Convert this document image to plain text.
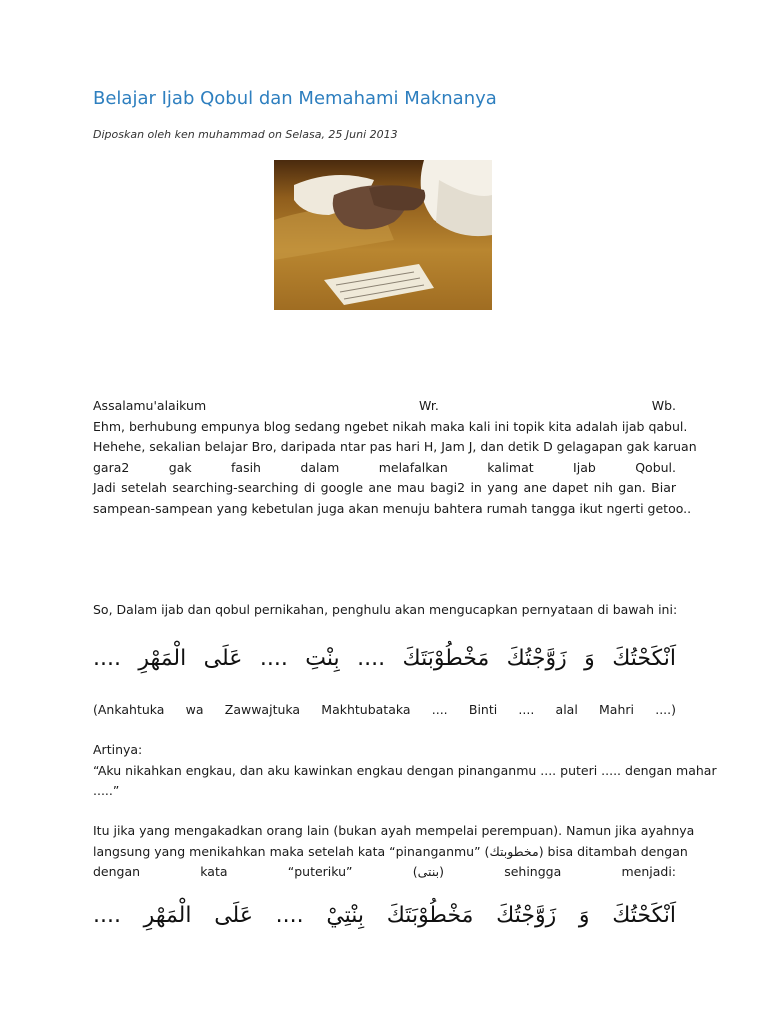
Belajar Ijab Qobul dan Memahami Maknanya
Diposkan oleh ken muhammad on Selasa, 25 Juni 2013
Assalamu'alaikum Wr. Wb.
Ehm, berhubung empunya blog sedang ngebet nikah maka kali ini topik kita adalah ijab qabul.
Hehehe, sekalian belajar Bro, daripada ntar pas hari H, Jam J, dan detik D gelagapan gak karuan
gara2 gak fasih dalam melafalkan kalimat Ijab Qobul.
Jadi setelah searching-searching di google ane mau bagi2 in yang ane dapet nih gan. Biar
sampean-sampean yang kebetulan juga akan menuju bahtera rumah tangga ikut ngerti getoo..
So, Dalam ijab dan qobul pernikahan, penghulu akan mengucapkan pernyataan di bawah ini:
اَنْكَحْتُكَ وَ زَوَّجْتُكَ مَخْطُوْبَتَكَ .... بِنْتِ .... عَلَى الْمَهْرِ ....
(Ankahtuka wa Zawwajtuka Makhtubataka .... Binti .... alal Mahri ....)
Artinya:
“Aku nikahkan engkau, dan aku kawinkan engkau dengan pinanganmu .... puteri ..... dengan mahar
.....”
Itu jika yang mengakadkan orang lain (bukan ayah mempelai perempuan). Namun jika ayahnya
langsung yang menikahkan maka setelah kata “pinanganmu” (مخطوبتك) bisa ditambah dengan
dengan kata “puteriku” (بنتى) sehingga menjadi:
اَنْكَحْتُكَ وَ زَوَّجْتُكَ مَخْطُوْبَتَكَ بِنْتِيْ .... عَلَى الْمَهْرِ ....
